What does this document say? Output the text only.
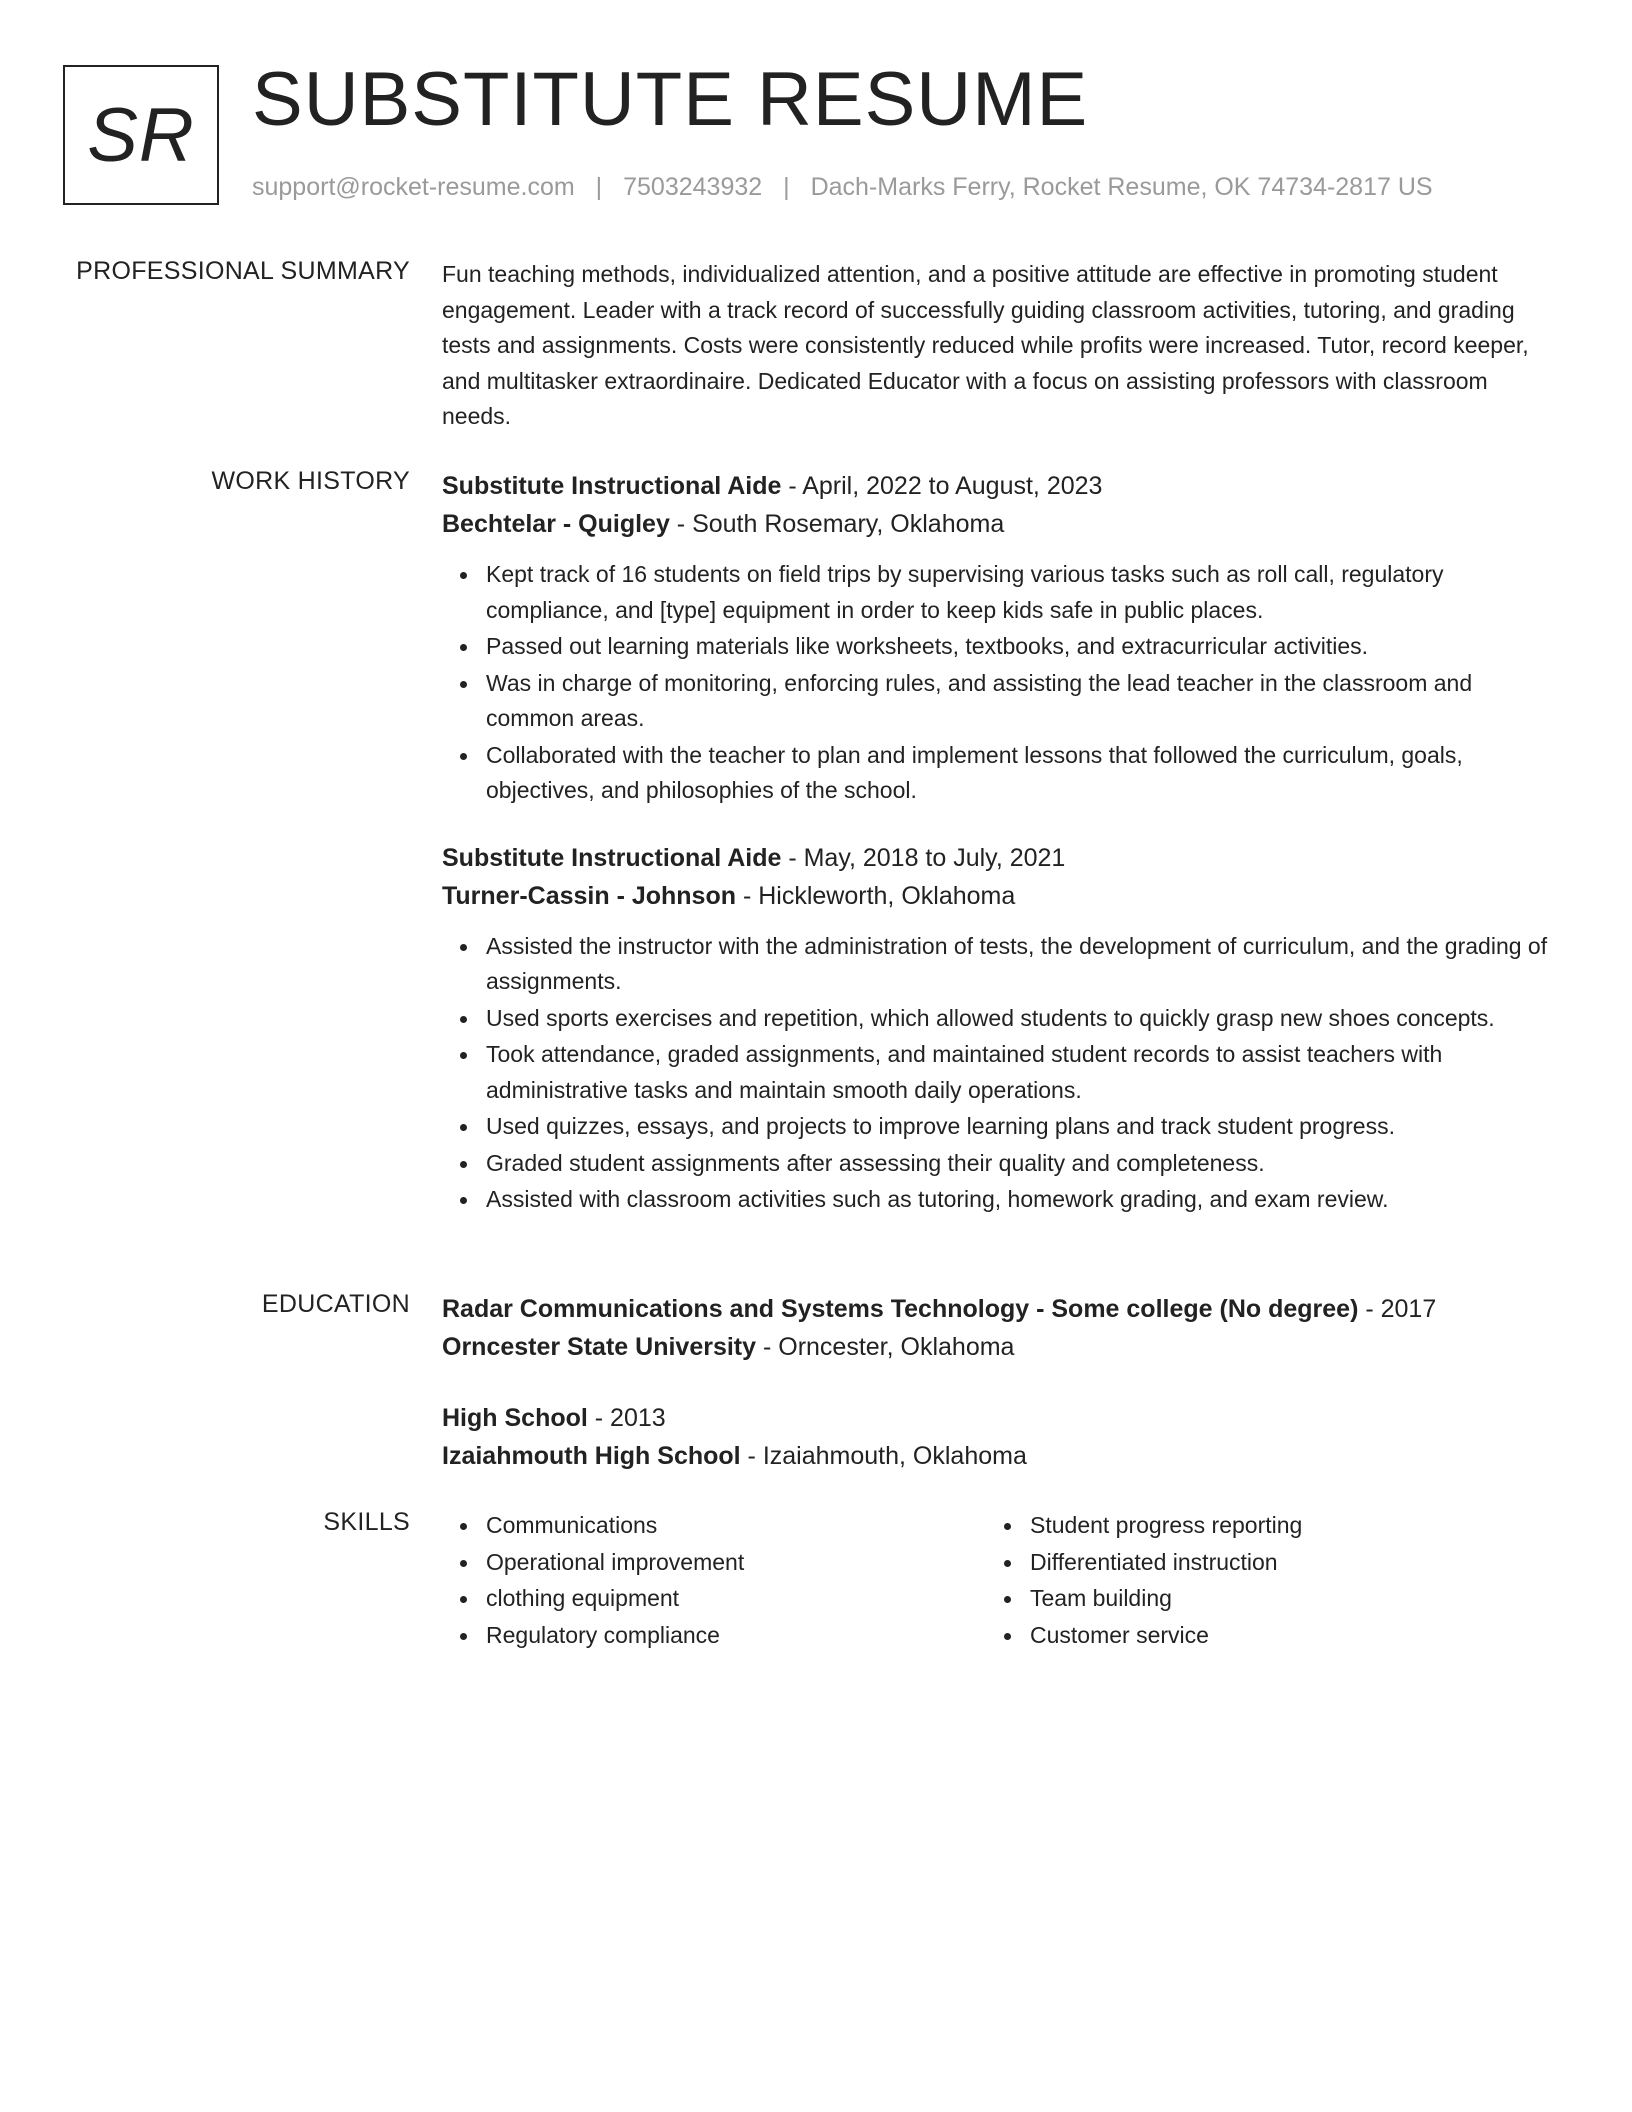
SR SUBSTITUTE RESUME
support@rocket-resume.com | 7503243932 | Dach-Marks Ferry, Rocket Resume, OK 74734-2817 US
PROFESSIONAL SUMMARY Fun teaching methods, individualized attention, and a positive attitude are effective in promoting student engagement. Leader with a track record of successfully guiding classroom activities, tutoring, and grading tests and assignments. Costs were consistently reduced while profits were increased. Tutor, record keeper, and multitasker extraordinaire. Dedicated Educator with a focus on assisting professors with classroom needs.

WORK HISTORY Substitute Instructional Aide - April, 2022 to August, 2023
Bechtelar - Quigley - South Rosemary, Oklahoma
Kept track of 16 students on field trips by supervising various tasks such as roll call, regulatory compliance, and [type] equipment in order to keep kids safe in public places.
Passed out learning materials like worksheets, textbooks, and extracurricular activities.
Was in charge of monitoring, enforcing rules, and assisting the lead teacher in the classroom and common areas.
Collaborated with the teacher to plan and implement lessons that followed the curriculum, goals, objectives, and philosophies of the school.
Substitute Instructional Aide - May, 2018 to July, 2021
Turner-Cassin - Johnson - Hickleworth, Oklahoma
Assisted the instructor with the administration of tests, the development of curriculum, and the grading of assignments.
Used sports exercises and repetition, which allowed students to quickly grasp new shoes concepts.
Took attendance, graded assignments, and maintained student records to assist teachers with administrative tasks and maintain smooth daily operations.
Used quizzes, essays, and projects to improve learning plans and track student progress.
Graded student assignments after assessing their quality and completeness.
Assisted with classroom activities such as tutoring, homework grading, and exam review.
EDUCATION Radar Communications and Systems Technology - Some college (No degree) - 2017
Orncester State University - Orncester, Oklahoma
High School - 2013
Izaiahmouth High School - Izaiahmouth, Oklahoma
SKILLS	Communications
Operational improvement
clothing equipment
Regulatory compliance
Student progress reporting
Differentiated instruction
Team building
Customer service
